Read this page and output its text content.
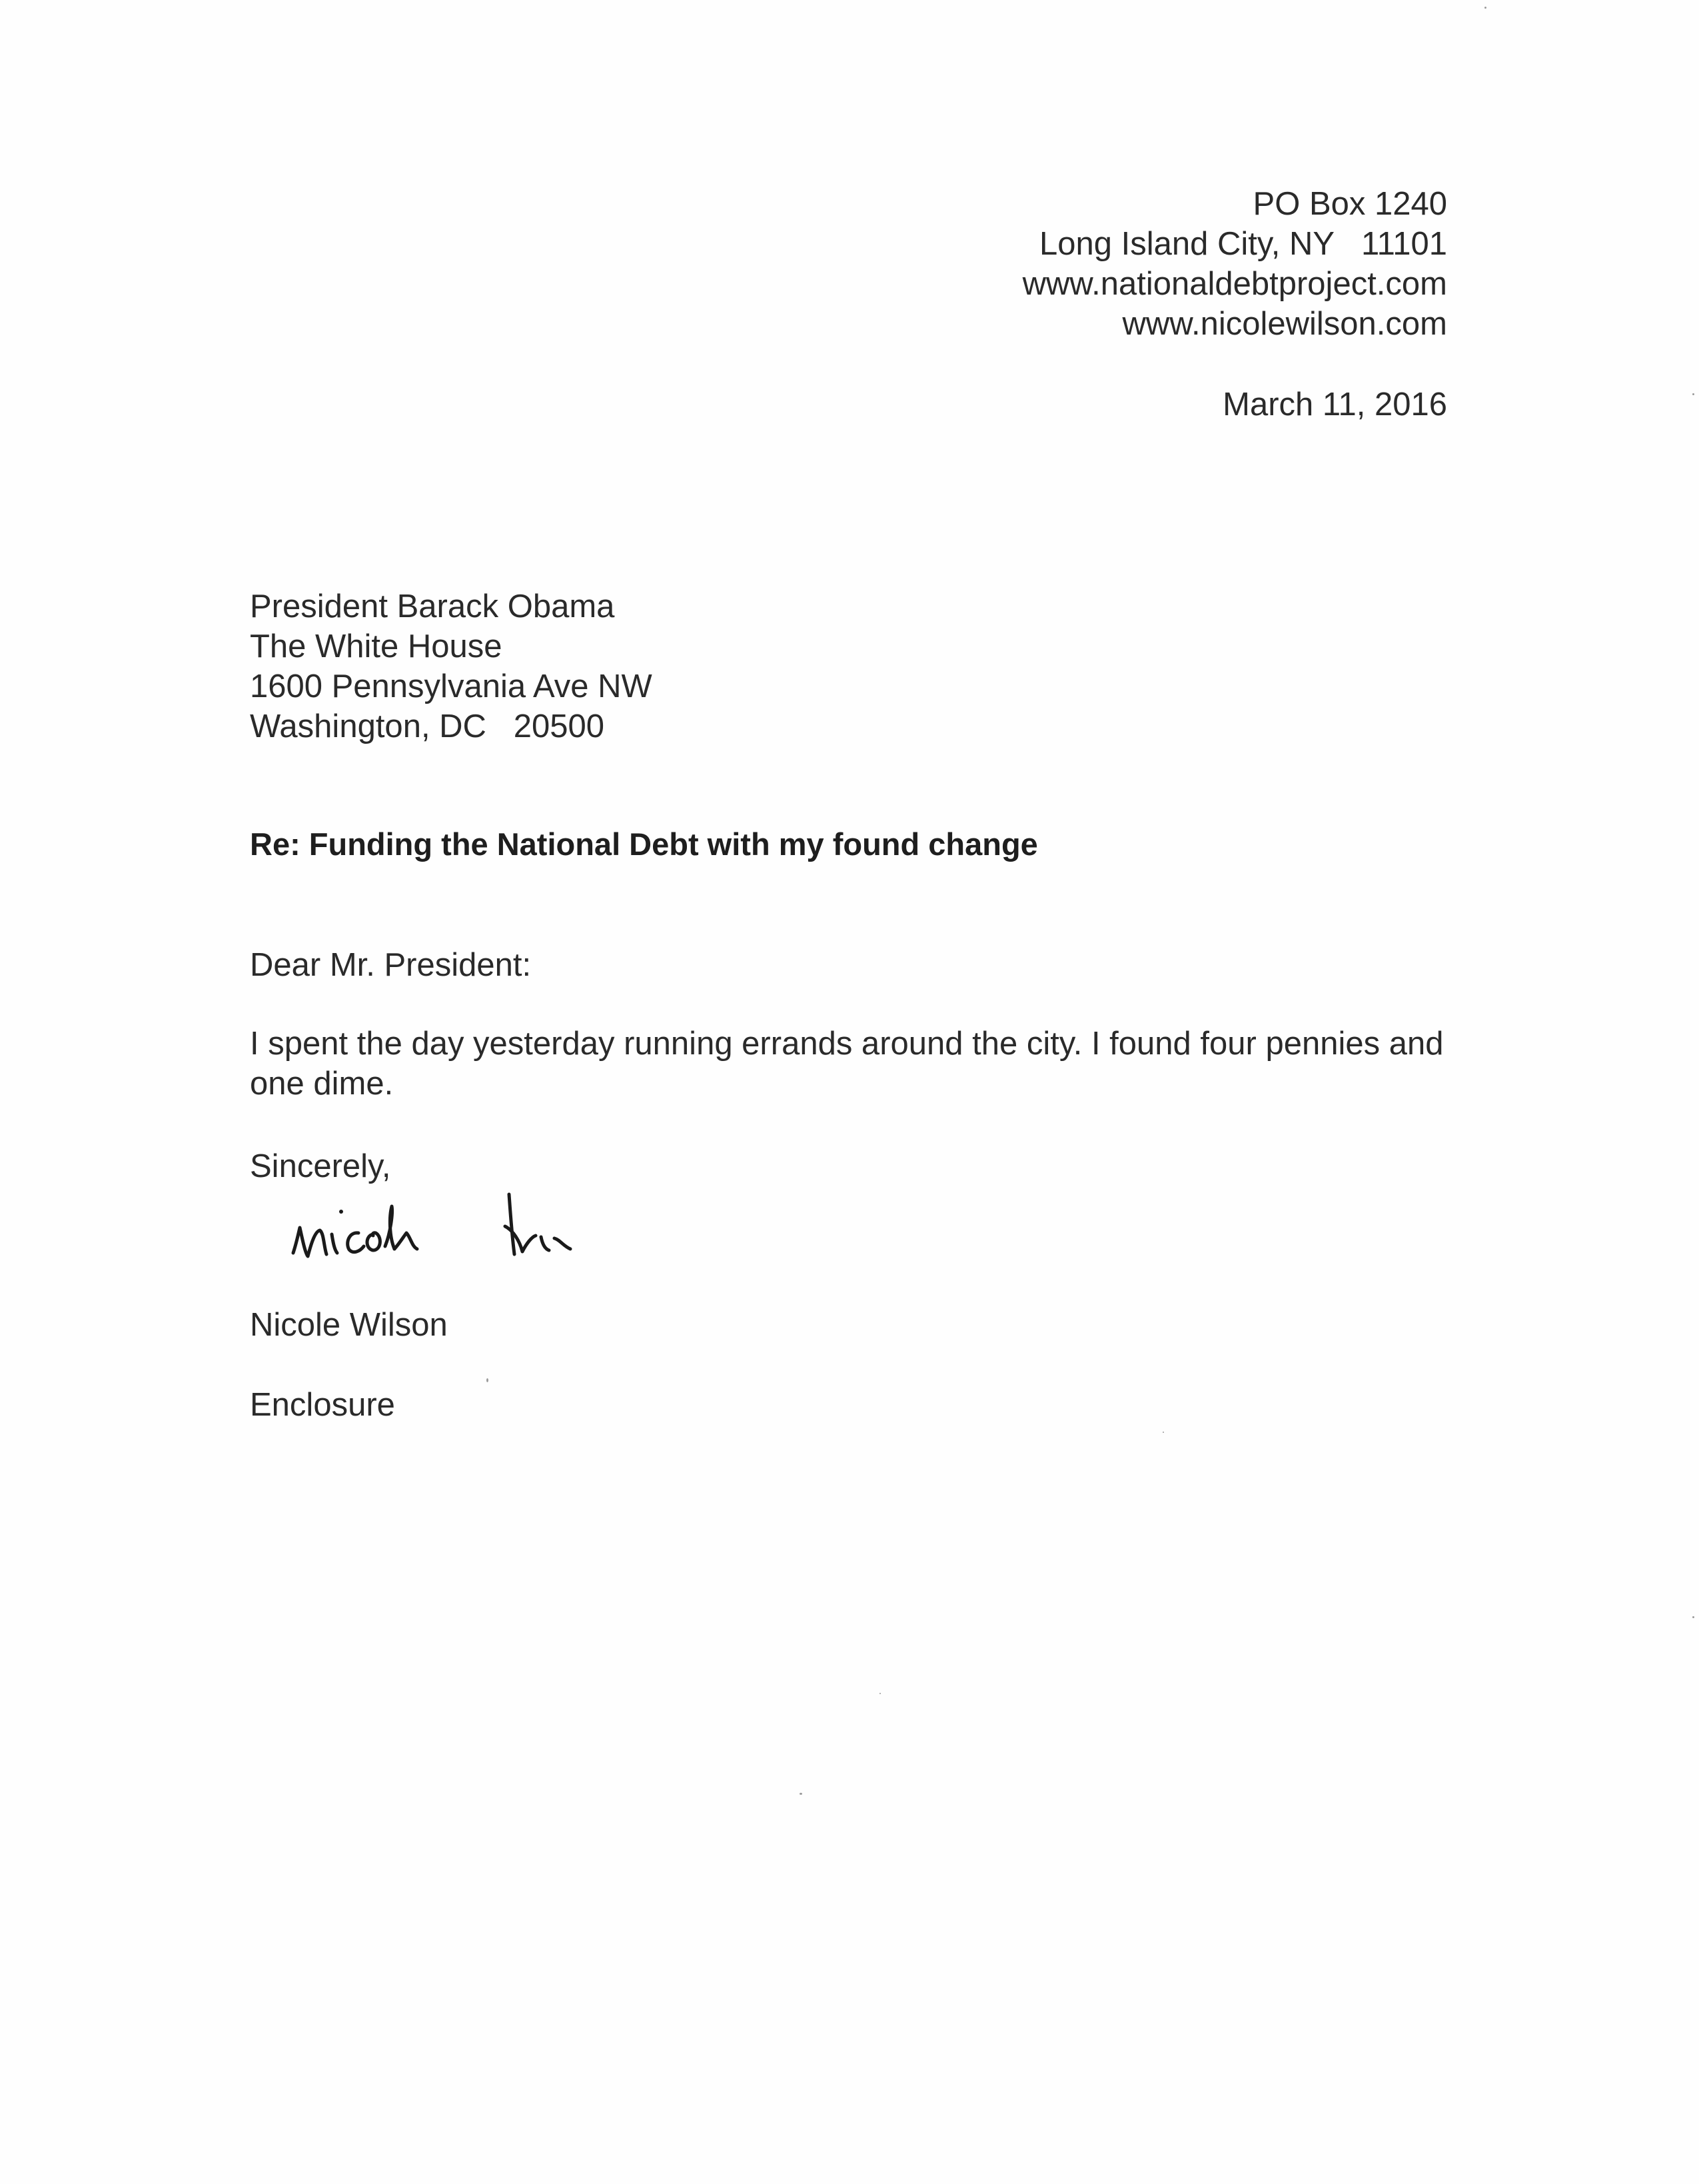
PO Box 1240
Long Island City, NY   11101
www.nationaldebtproject.com
www.nicolewilson.com
March 11, 2016
President Barack Obama
The White House
1600 Pennsylvania Ave NW
Washington, DC   20500
Re: Funding the National Debt with my found change
Dear Mr. President:
I spent the day yesterday running errands around the city. I found four pennies and one dime.
Sincerely,
Nicole Wilson
Enclosure
